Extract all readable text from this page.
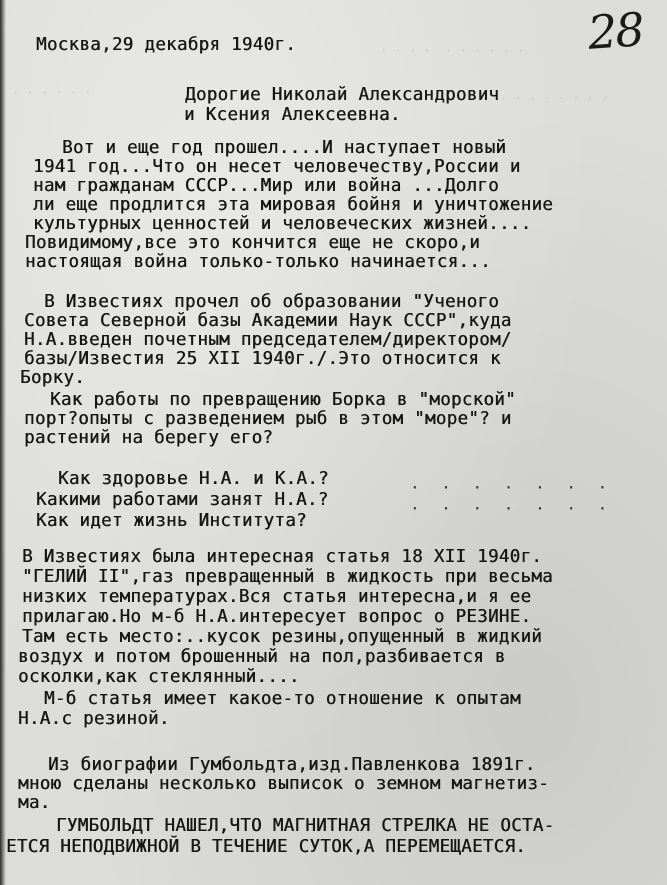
· · · · · ·  · · · ·
· · · · · ·	· · · · · · · ·
28
Москва,29 декабря 1940г.
Дорогие Николай Александрович
и Ксения Алексеевна.
Вот и еще год прошел....И наступает новый
1941 год...Что он несет человечеству,России и
нам гражданам СССР...Мир или война ...Долго
ли еще продлится эта мировая бойня и уничтожение
культурных ценностей и человеческих жизней....
Повидимому,все это кончится еще не скоро,и
настоящая война только-только начинается...
В Известиях прочел об образовании "Ученого
Совета Северной базы Академии Наук СССР",куда
Н.А.введен почетным председателем/директором/
базы/Известия 25 XII 1940г./.Это относится к
Борку.
Как работы по превращению Борка в "морской"
порт?опыты с разведением рыб в этом "море"? и
растений на берегу его?
Как здоровье Н.А. и К.А.?	· · · · · · ·
Какими работами занят Н.А.?	· · · · · · ·
Как идет жизнь Института?
В Известиях была интересная статья 18 XII 1940г.
"ГЕЛИЙ II",газ превращенный в жидкость при весьма
низких температурах.Вся статья интересна,и я ее
прилагаю.Но м-б Н.А.интересует вопрос о РЕЗИНЕ.
Там есть место:..кусок резины,опущенный в жидкий
воздух и потом брошенный на пол,разбивается в
осколки,как стеклянный....
М-б статья имеет какое-то отношение к опытам
Н.А.с резиной.
Из биографии Гумбольдта,изд.Павленкова 1891г.
мною сделаны несколько выписок о земном магнетиз-
ма.
ГУМБОЛЬДТ НАШЕЛ,ЧТО МАГНИТНАЯ СТРЕЛКА НЕ ОСТА-
ЕТСЯ НЕПОДВИЖНОЙ В ТЕЧЕНИЕ СУТОК,А ПЕРЕМЕЩАЕТСЯ.
